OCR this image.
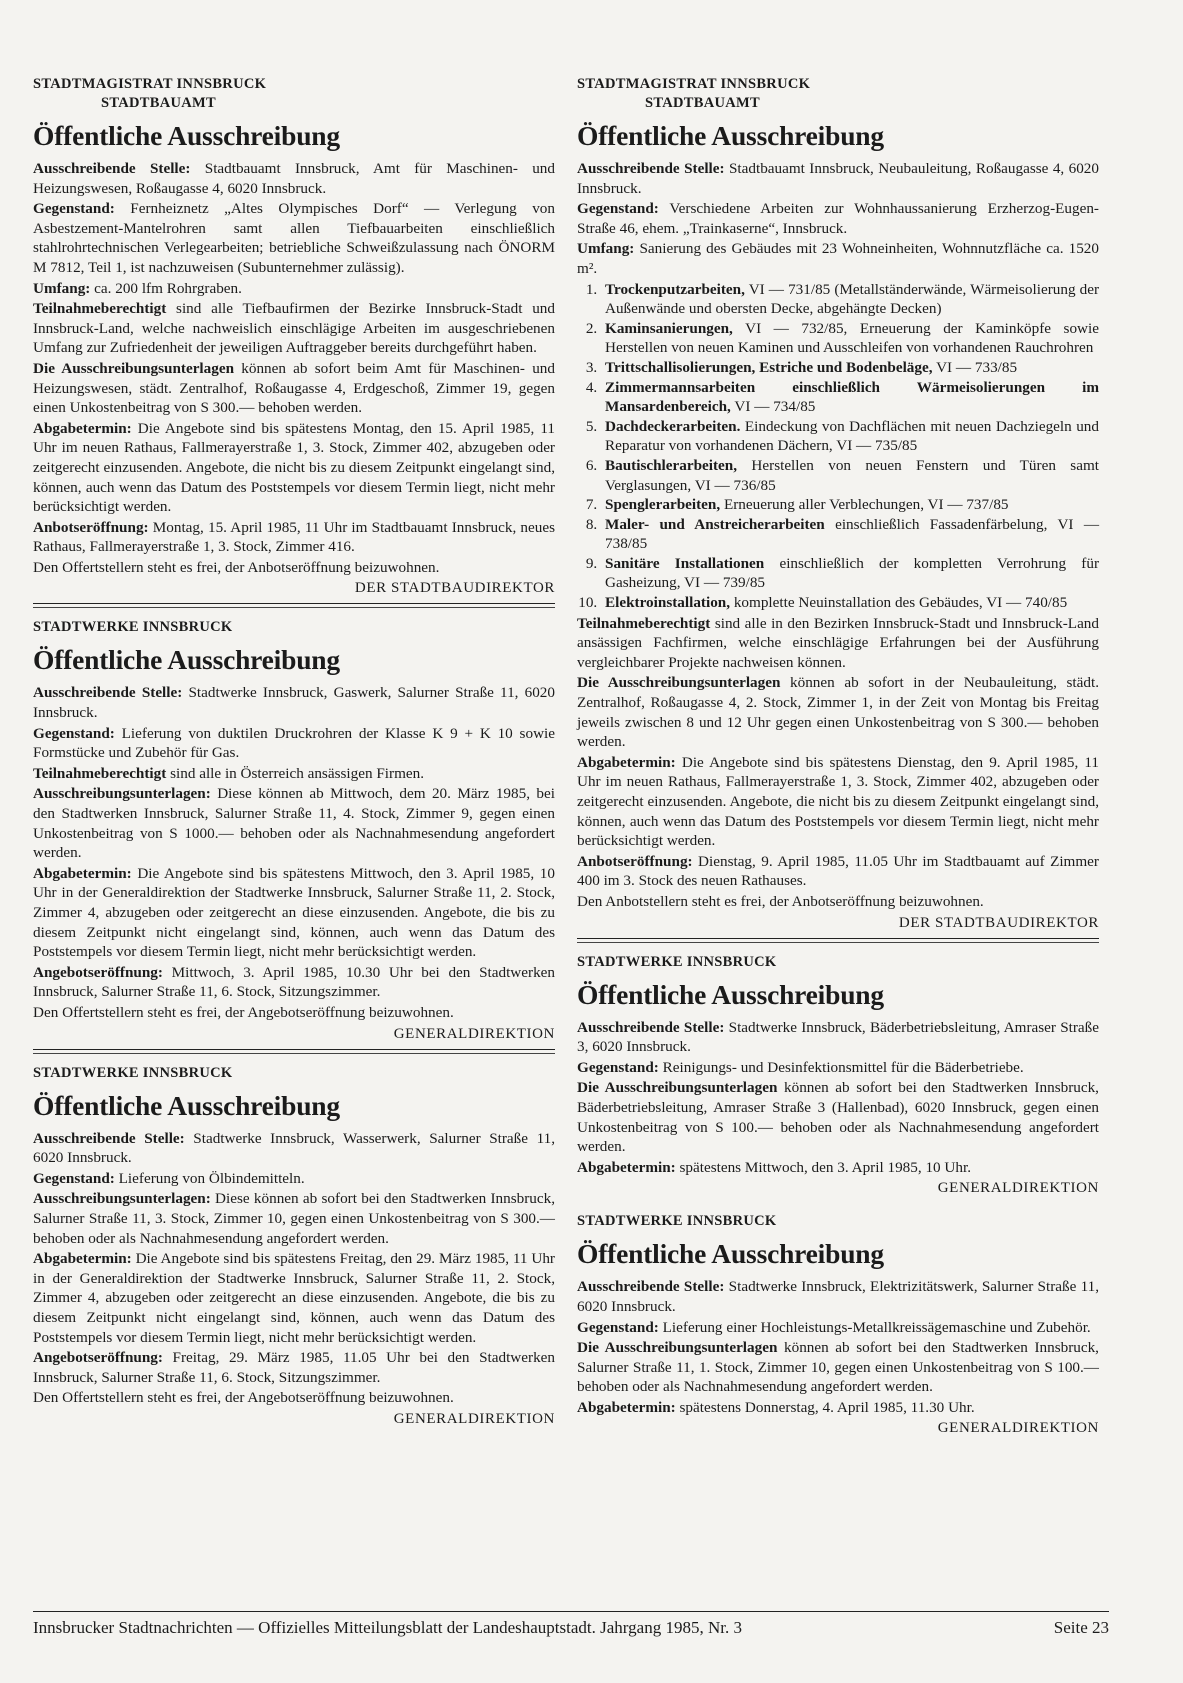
STADTMAGISTRAT INNSBRUCK
STADTBAUAMT
Öffentliche Ausschreibung
Ausschreibende Stelle: Stadtbauamt Innsbruck, Amt für Maschinen- und Heizungswesen, Roßaugasse 4, 6020 Innsbruck.
Gegenstand: Fernheiznetz „Altes Olympisches Dorf“ — Verlegung von Asbestzement-Mantelrohren samt allen Tiefbauarbeiten einschließlich stahlrohrtechnischen Verlegearbeiten; betriebliche Schweißzulassung nach ÖNORM M 7812, Teil 1, ist nachzuweisen (Subunternehmer zulässig).
Umfang: ca. 200 lfm Rohrgraben.
Teilnahmeberechtigt sind alle Tiefbaufirmen der Bezirke Innsbruck-Stadt und Innsbruck-Land, welche nachweislich einschlägige Arbeiten im ausgeschriebenen Umfang zur Zufriedenheit der jeweiligen Auftraggeber bereits durchgeführt haben.
Die Ausschreibungsunterlagen können ab sofort beim Amt für Maschinen- und Heizungswesen, städt. Zentralhof, Roßaugasse 4, Erdgeschoß, Zimmer 19, gegen einen Unkostenbeitrag von S 300.— behoben werden.
Abgabetermin: Die Angebote sind bis spätestens Montag, den 15. April 1985, 11 Uhr im neuen Rathaus, Fallmerayerstraße 1, 3. Stock, Zimmer 402, abzugeben oder zeitgerecht einzusenden. Angebote, die nicht bis zu diesem Zeitpunkt eingelangt sind, können, auch wenn das Datum des Poststempels vor diesem Termin liegt, nicht mehr berücksichtigt werden.
Anbotseröffnung: Montag, 15. April 1985, 11 Uhr im Stadtbauamt Innsbruck, neues Rathaus, Fallmerayerstraße 1, 3. Stock, Zimmer 416.
Den Offertstellern steht es frei, der Anbotseröffnung beizuwohnen.
DER STADTBAUDIREKTOR
STADTWERKE INNSBRUCK
Öffentliche Ausschreibung
Ausschreibende Stelle: Stadtwerke Innsbruck, Gaswerk, Salurner Straße 11, 6020 Innsbruck.
Gegenstand: Lieferung von duktilen Druckrohren der Klasse K 9 + K 10 sowie Formstücke und Zubehör für Gas.
Teilnahmeberechtigt sind alle in Österreich ansässigen Firmen.
Ausschreibungsunterlagen: Diese können ab Mittwoch, dem 20. März 1985, bei den Stadtwerken Innsbruck, Salurner Straße 11, 4. Stock, Zimmer 9, gegen einen Unkostenbeitrag von S 1000.— behoben oder als Nachnahmesendung angefordert werden.
Abgabetermin: Die Angebote sind bis spätestens Mittwoch, den 3. April 1985, 10 Uhr in der Generaldirektion der Stadtwerke Innsbruck, Salurner Straße 11, 2. Stock, Zimmer 4, abzugeben oder zeitgerecht an diese einzusenden. Angebote, die bis zu diesem Zeitpunkt nicht eingelangt sind, können, auch wenn das Datum des Poststempels vor diesem Termin liegt, nicht mehr berücksichtigt werden.
Angebotseröffnung: Mittwoch, 3. April 1985, 10.30 Uhr bei den Stadtwerken Innsbruck, Salurner Straße 11, 6. Stock, Sitzungszimmer.
Den Offertstellern steht es frei, der Angebotseröffnung beizuwohnen.
GENERALDIREKTION
STADTWERKE INNSBRUCK
Öffentliche Ausschreibung
Ausschreibende Stelle: Stadtwerke Innsbruck, Wasserwerk, Salurner Straße 11, 6020 Innsbruck.
Gegenstand: Lieferung von Ölbindemitteln.
Ausschreibungsunterlagen: Diese können ab sofort bei den Stadtwerken Innsbruck, Salurner Straße 11, 3. Stock, Zimmer 10, gegen einen Unkostenbeitrag von S 300.— behoben oder als Nachnahmesendung angefordert werden.
Abgabetermin: Die Angebote sind bis spätestens Freitag, den 29. März 1985, 11 Uhr in der Generaldirektion der Stadtwerke Innsbruck, Salurner Straße 11, 2. Stock, Zimmer 4, abzugeben oder zeitgerecht an diese einzusenden. Angebote, die bis zu diesem Zeitpunkt nicht eingelangt sind, können, auch wenn das Datum des Poststempels vor diesem Termin liegt, nicht mehr berücksichtigt werden.
Angebotseröffnung: Freitag, 29. März 1985, 11.05 Uhr bei den Stadtwerken Innsbruck, Salurner Straße 11, 6. Stock, Sitzungszimmer.
Den Offertstellern steht es frei, der Angebotseröffnung beizuwohnen.
GENERALDIREKTION
STADTMAGISTRAT INNSBRUCK
STADTBAUAMT
Öffentliche Ausschreibung
Ausschreibende Stelle: Stadtbauamt Innsbruck, Neubauleitung, Roßaugasse 4, 6020 Innsbruck.
Gegenstand: Verschiedene Arbeiten zur Wohnhaussanierung Erzherzog-Eugen-Straße 46, ehem. „Trainkaserne“, Innsbruck.
Umfang: Sanierung des Gebäudes mit 23 Wohneinheiten, Wohnnutzfläche ca. 1520 m².
1. Trockenputzarbeiten, VI — 731/85 (Metallständerwände, Wärmeisolierung der Außenwände und obersten Decke, abgehängte Decken)
2. Kaminsanierungen, VI — 732/85, Erneuerung der Kaminköpfe sowie Herstellen von neuen Kaminen und Ausschleifen von vorhandenen Rauchrohren
3. Trittschallisolierungen, Estriche und Bodenbeläge, VI — 733/85
4. Zimmermannsarbeiten einschließlich Wärmeisolierungen im Mansardenbereich, VI — 734/85
5. Dachdeckerarbeiten. Eindeckung von Dachflächen mit neuen Dachziegeln und Reparatur von vorhandenen Dächern, VI — 735/85
6. Bautischlerarbeiten, Herstellen von neuen Fenstern und Türen samt Verglasungen, VI — 736/85
7. Spenglerarbeiten, Erneuerung aller Verblechungen, VI — 737/85
8. Maler- und Anstreicherarbeiten einschließlich Fassadenfärbelung, VI — 738/85
9. Sanitäre Installationen einschließlich der kompletten Verrohrung für Gasheizung, VI — 739/85
10. Elektroinstallation, komplette Neuinstallation des Gebäudes, VI — 740/85
Teilnahmeberechtigt sind alle in den Bezirken Innsbruck-Stadt und Innsbruck-Land ansässigen Fachfirmen, welche einschlägige Erfahrungen bei der Ausführung vergleichbarer Projekte nachweisen können.
Die Ausschreibungsunterlagen können ab sofort in der Neubauleitung, städt. Zentralhof, Roßaugasse 4, 2. Stock, Zimmer 1, in der Zeit von Montag bis Freitag jeweils zwischen 8 und 12 Uhr gegen einen Unkostenbeitrag von S 300.— behoben werden.
Abgabetermin: Die Angebote sind bis spätestens Dienstag, den 9. April 1985, 11 Uhr im neuen Rathaus, Fallmerayerstraße 1, 3. Stock, Zimmer 402, abzugeben oder zeitgerecht einzusenden. Angebote, die nicht bis zu diesem Zeitpunkt eingelangt sind, können, auch wenn das Datum des Poststempels vor diesem Termin liegt, nicht mehr berücksichtigt werden.
Anbotseröffnung: Dienstag, 9. April 1985, 11.05 Uhr im Stadtbauamt auf Zimmer 400 im 3. Stock des neuen Rathauses.
Den Anbotstellern steht es frei, der Anbotseröffnung beizuwohnen.
DER STADTBAUDIREKTOR
STADTWERKE INNSBRUCK
Öffentliche Ausschreibung
Ausschreibende Stelle: Stadtwerke Innsbruck, Bäderbetriebsleitung, Amraser Straße 3, 6020 Innsbruck.
Gegenstand: Reinigungs- und Desinfektionsmittel für die Bäderbetriebe.
Die Ausschreibungsunterlagen können ab sofort bei den Stadtwerken Innsbruck, Bäderbetriebsleitung, Amraser Straße 3 (Hallenbad), 6020 Innsbruck, gegen einen Unkostenbeitrag von S 100.— behoben oder als Nachnahmesendung angefordert werden.
Abgabetermin: spätestens Mittwoch, den 3. April 1985, 10 Uhr.
GENERALDIREKTION
STADTWERKE INNSBRUCK
Öffentliche Ausschreibung
Ausschreibende Stelle: Stadtwerke Innsbruck, Elektrizitätswerk, Salurner Straße 11, 6020 Innsbruck.
Gegenstand: Lieferung einer Hochleistungs-Metallkreissägemaschine und Zubehör.
Die Ausschreibungsunterlagen können ab sofort bei den Stadtwerken Innsbruck, Salurner Straße 11, 1. Stock, Zimmer 10, gegen einen Unkostenbeitrag von S 100.— behoben oder als Nachnahmesendung angefordert werden.
Abgabetermin: spätestens Donnerstag, 4. April 1985, 11.30 Uhr.
GENERALDIREKTION
Innsbrucker Stadtnachrichten — Offizielles Mitteilungsblatt der Landeshauptstadt. Jahrgang 1985, Nr. 3	Seite 23
